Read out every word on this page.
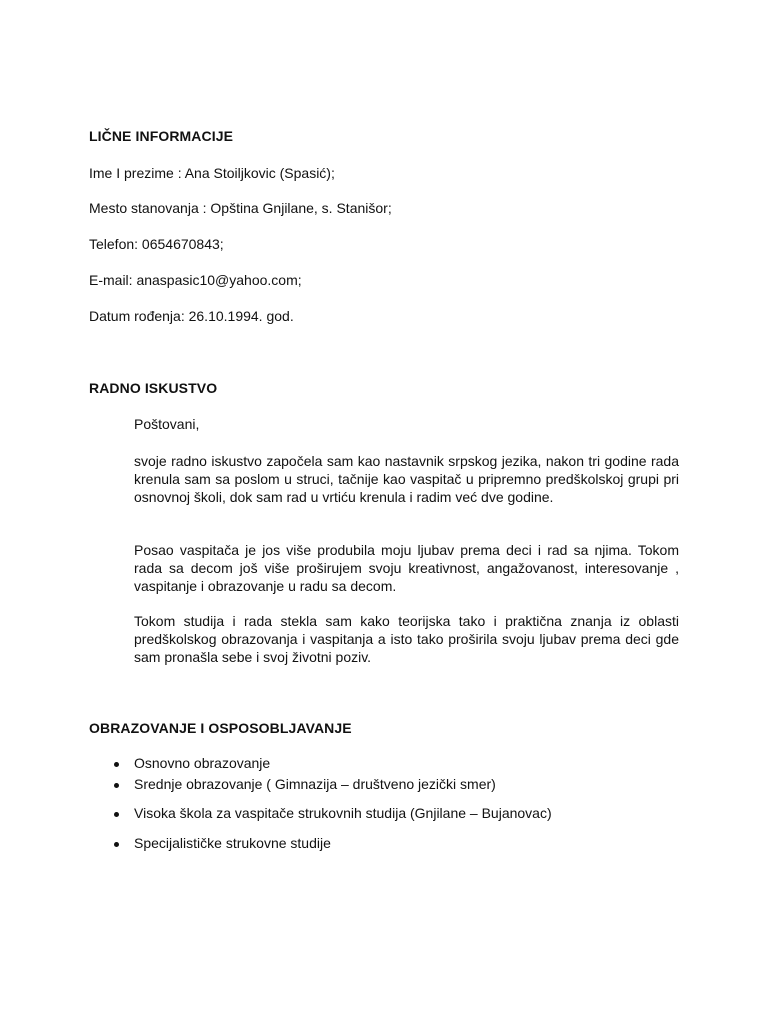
LIČNE INFORMACIJE
Ime I prezime : Ana Stoiljkovic (Spasić);
Mesto stanovanja : Opština Gnjilane, s. Stanišor;
Telefon: 0654670843;
E-mail: anaspasic10@yahoo.com;
Datum rođenja: 26.10.1994. god.
RADNO ISKUSTVO
Poštovani,
svoje radno iskustvo započela sam kao nastavnik srpskog jezika, nakon tri godine rada krenula sam sa poslom u struci, tačnije kao vaspitač u pripremno predškolskoj grupi pri osnovnoj školi, dok sam rad u vrtiću krenula i radim već dve godine.
Posao vaspitača je jos više produbila moju ljubav prema deci i rad sa njima. Tokom rada sa decom još više proširujem svoju kreativnost, angažovanost, interesovanje , vaspitanje i obrazovanje u radu sa decom.
Tokom studija i rada stekla sam kako teorijska tako i praktična znanja iz oblasti predškolskog obrazovanja i vaspitanja a isto tako proširila svoju ljubav prema deci gde sam pronašla sebe i svoj životni poziv.
OBRAZOVANJE I OSPOSOBLJAVANJE
Osnovno obrazovanje
Srednje obrazovanje ( Gimnazija – društveno jezički smer)
Visoka škola za vaspitače strukovnih studija (Gnjilane – Bujanovac)
Specijalističke strukovne studije
